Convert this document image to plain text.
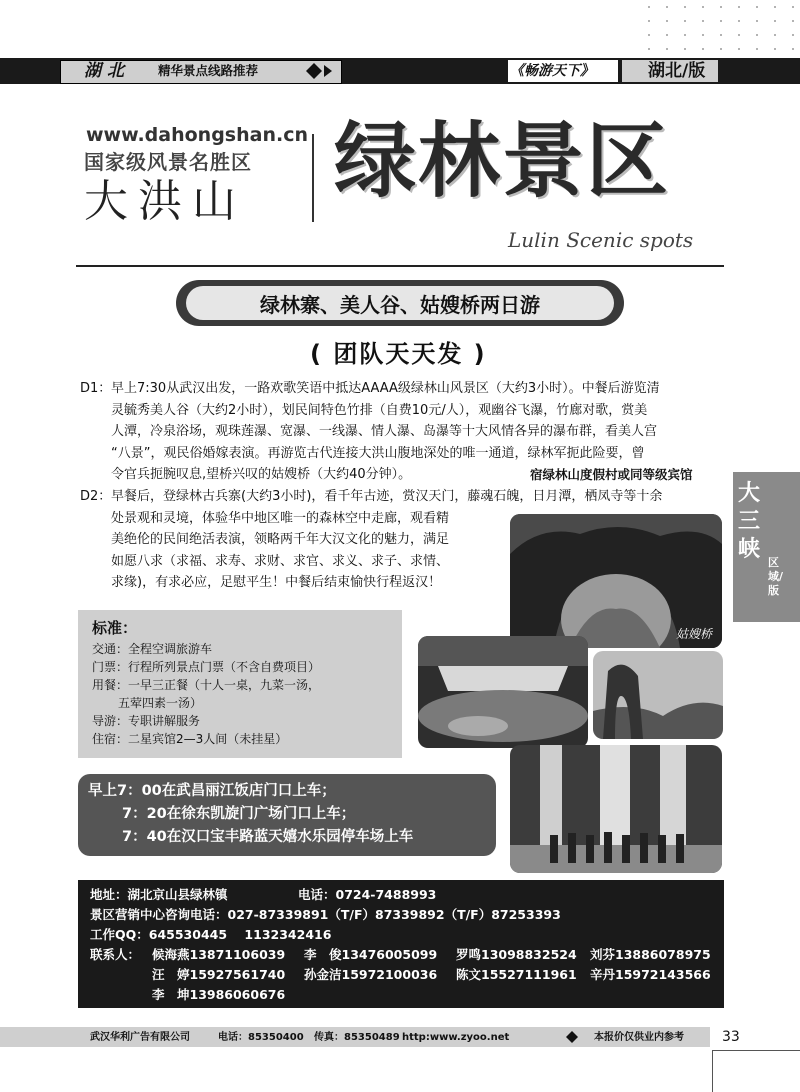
湖北 精华景点线路推荐	《畅游天下》	湖北/版
www.dahongshan.cn
国家级风景名胜区
大洪山 绿林景区
Lulin Scenic spots
绿林寨、美人谷、姑嫂桥两日游
( 团队天天发 )
D1： 早上7:30从武汉出发，一路欢歌笑语中抵达AAAA级绿林山风景区（大约3小时）。中餐后游览清

灵毓秀美人谷（大约2小时），划民间特色竹排（自费10元/人），观幽谷飞瀑，竹廊对歌，赏美

人潭，冷泉浴场，观珠莲瀑、宽瀑、一线瀑、情人瀑、岛瀑等十大风情各异的瀑布群，看美人宫

“八景”，观民俗婚嫁表演。再游览古代连接大洪山腹地深处的唯一通道，绿林军扼此险要，曾

令官兵扼腕叹息,望桥兴叹的姑嫂桥（大约40分钟）。	宿绿林山度假村或同等级宾馆
D2： 早餐后，登绿林古兵寨(大约3小时)，看千年古迹，赏汉天门，藤魂石魄，日月潭，栖凤寺等十余

处景观和灵境，体验华中地区唯一的森林空中走廊，观看精

美绝伦的民间绝活表演，领略两千年大汉文化的魅力，满足

如愿八求（求福、求寿、求财、求官、求义、求子、求情、

求缘)，有求必应，足慰平生！中餐后结束愉快行程返汉！

大三峡
区域/版
姑嫂桥
标准：

交通：全程空调旅游车

门票：行程所列景点门票（不含自费项目）

用餐：一早三正餐（十人一桌，九菜一汤，

五荤四素一汤）

导游：专职讲解服务

住宿：二星宾馆2—3人间（未挂星）

早上7：00在武昌丽江饭店门口上车；

7：20在徐东凯旋门广场门口上车；

7：40在汉口宝丰路蓝天嬉水乐园停车场上车

地址：湖北京山县绿林镇	电话：0724-7488993
景区营销中心咨询电话：027-87339891（T/F）87339892（T/F）87253393
工作QQ：645530445    1132342416
联系人： 候海燕13871106039 李　俊13476005099 罗鸣13098832524 刘芬13886078975
汪　婷15927561740 孙金洁15972100036 陈文15527111961 辛丹15972143566
李　坤13986060676
武汉华利广告有限公司	电话：85350400 传真：85350489 http:www.zyoo.net	本报价仅供业内参考	33
